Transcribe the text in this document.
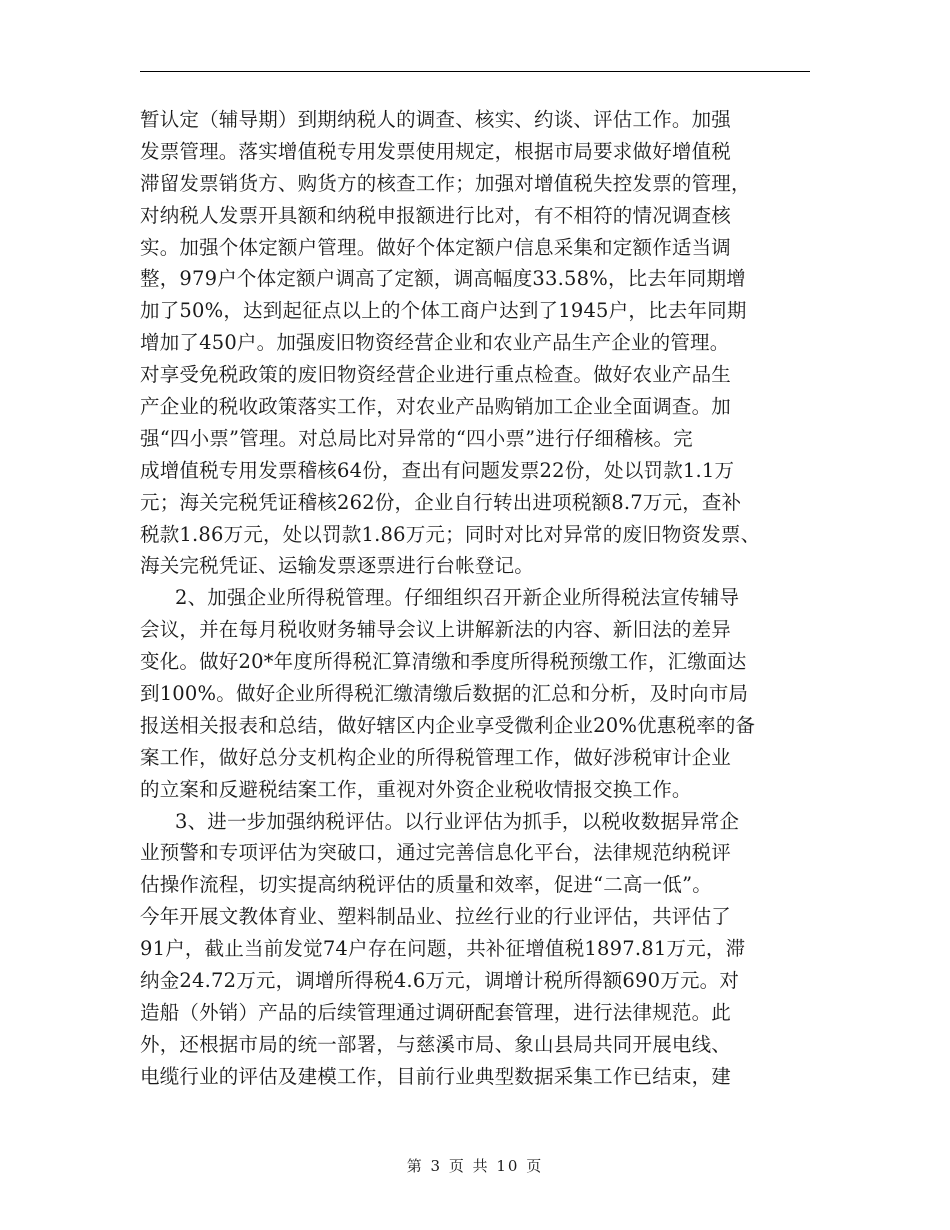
暂认定（辅导期）到期纳税人的调查、核实、约谈、评估工作。加强
发票管理。落实增值税专用发票使用规定，根据市局要求做好增值税
滞留发票销货方、购货方的核查工作；加强对增值税失控发票的管理，
对纳税人发票开具额和纳税申报额进行比对，有不相符的情况调查核
实。加强个体定额户管理。做好个体定额户信息采集和定额作适当调
整，979户个体定额户调高了定额，调高幅度33.58%，比去年同期增
加了50%，达到起征点以上的个体工商户达到了1945户，比去年同期
增加了450户。加强废旧物资经营企业和农业产品生产企业的管理。
对享受免税政策的废旧物资经营企业进行重点检查。做好农业产品生
产企业的税收政策落实工作，对农业产品购销加工企业全面调查。加
强“四小票”管理。对总局比对异常的“四小票”进行仔细稽核。完
成增值税专用发票稽核64份，查出有问题发票22份，处以罚款1.1万
元；海关完税凭证稽核262份，企业自行转出进项税额8.7万元，查补
税款1.86万元，处以罚款1.86万元；同时对比对异常的废旧物资发票、
海关完税凭证、运输发票逐票进行台帐登记。
2、加强企业所得税管理。仔细组织召开新企业所得税法宣传辅导
会议，并在每月税收财务辅导会议上讲解新法的内容、新旧法的差异
变化。做好20*年度所得税汇算清缴和季度所得税预缴工作，汇缴面达
到100%。做好企业所得税汇缴清缴后数据的汇总和分析，及时向市局
报送相关报表和总结，做好辖区内企业享受微利企业20%优惠税率的备
案工作，做好总分支机构企业的所得税管理工作，做好涉税审计企业
的立案和反避税结案工作，重视对外资企业税收情报交换工作。
3、进一步加强纳税评估。以行业评估为抓手，以税收数据异常企
业预警和专项评估为突破口，通过完善信息化平台，法律规范纳税评
估操作流程，切实提高纳税评估的质量和效率，促进“二高一低”。
今年开展文教体育业、塑料制品业、拉丝行业的行业评估，共评估了
91户，截止当前发觉74户存在问题，共补征增值税1897.81万元，滞
纳金24.72万元，调增所得税4.6万元，调增计税所得额690万元。对
造船（外销）产品的后续管理通过调研配套管理，进行法律规范。此
外，还根据市局的统一部署，与慈溪市局、象山县局共同开展电线、
电缆行业的评估及建模工作，目前行业典型数据采集工作已结束，建
第 3 页 共 10 页
